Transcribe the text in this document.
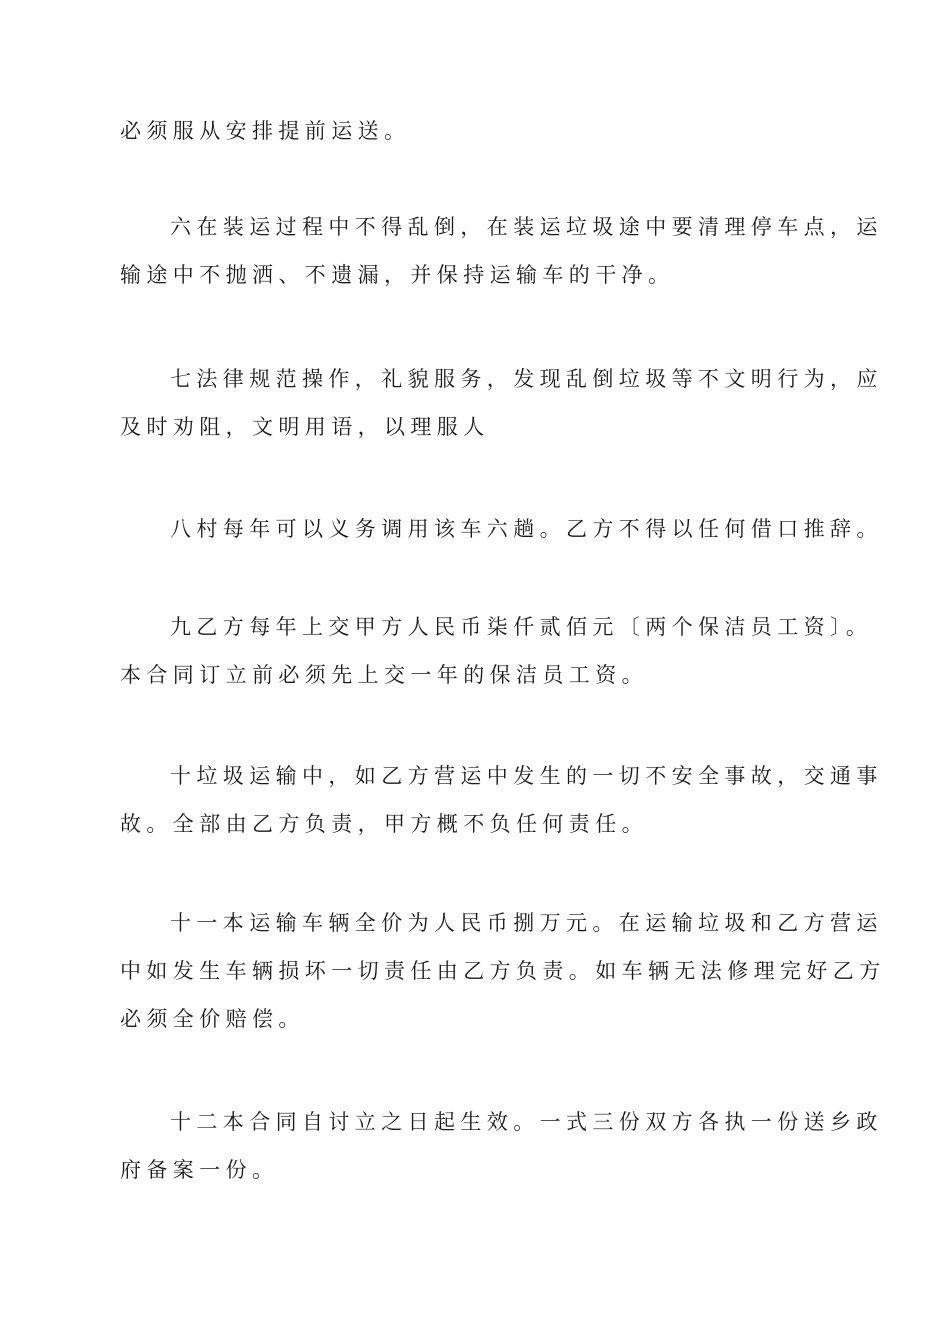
必须服从安排提前运送。

六在装运过程中不得乱倒，在装运垃圾途中要清理停车点，运
输途中不抛洒、不遗漏，并保持运输车的干净。

七法律规范操作，礼貌服务，发现乱倒垃圾等不文明行为，应
及时劝阻，文明用语，以理服人

八村每年可以义务调用该车六趟。乙方不得以任何借口推辞。

九乙方每年上交甲方人民币柒仟贰佰元〔两个保洁员工资〕。
本合同订立前必须先上交一年的保洁员工资。

十垃圾运输中，如乙方营运中发生的一切不安全事故，交通事
故。全部由乙方负责，甲方概不负任何责任。

十一本运输车辆全价为人民币捌万元。在运输垃圾和乙方营运
中如发生车辆损坏一切责任由乙方负责。如车辆无法修理完好乙方
必须全价赔偿。

十二本合同自讨立之日起生效。一式三份双方各执一份送乡政
府备案一份。
